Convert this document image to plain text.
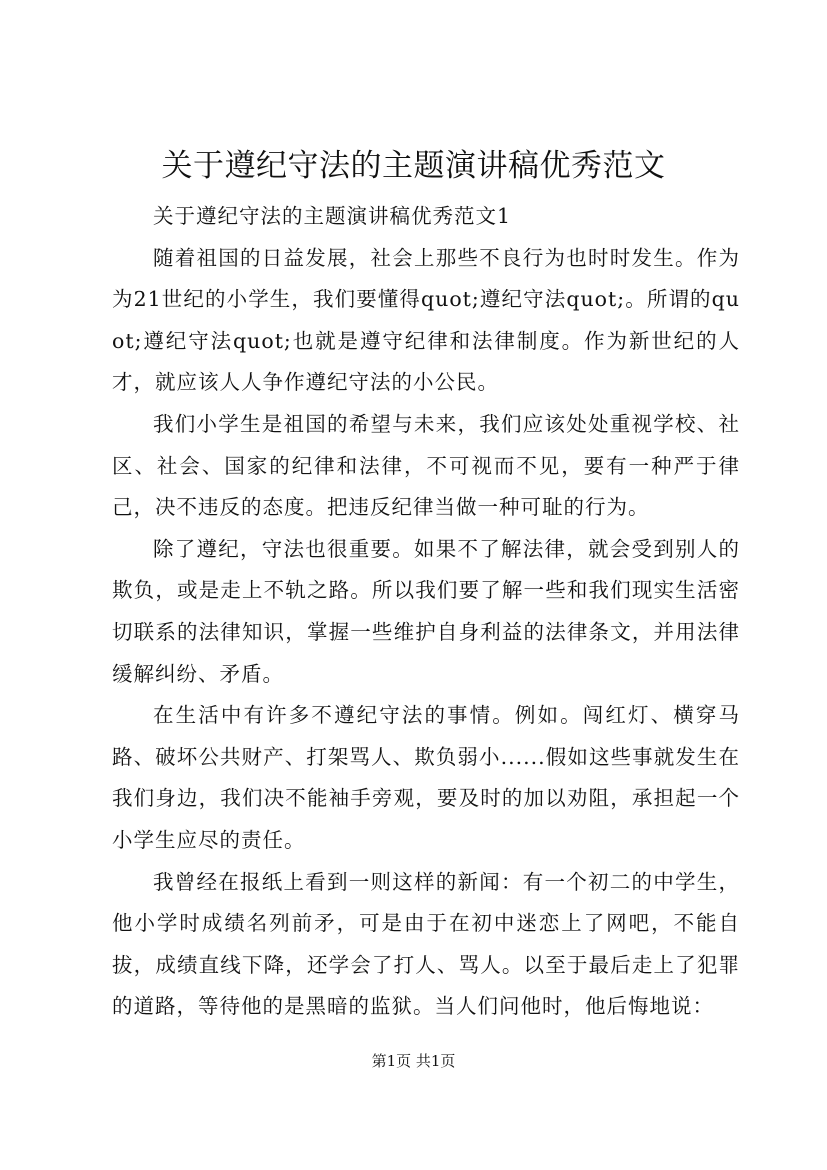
关于遵纪守法的主题演讲稿优秀范文

关于遵纪守法的主题演讲稿优秀范文1

随着祖国的日益发展，社会上那些不良行为也时时发生。作为为21世纪的小学生，我们要懂得quot;遵纪守法quot;。所谓的quot;遵纪守法quot;也就是遵守纪律和法律制度。作为新世纪的人才，就应该人人争作遵纪守法的小公民。

我们小学生是祖国的希望与未来，我们应该处处重视学校、社区、社会、国家的纪律和法律，不可视而不见，要有一种严于律己，决不违反的态度。把违反纪律当做一种可耻的行为。

除了遵纪，守法也很重要。如果不了解法律，就会受到别人的欺负，或是走上不轨之路。所以我们要了解一些和我们现实生活密切联系的法律知识，掌握一些维护自身利益的法律条文，并用法律缓解纠纷、矛盾。

在生活中有许多不遵纪守法的事情。例如。闯红灯、横穿马路、破坏公共财产、打架骂人、欺负弱小......假如这些事就发生在我们身边，我们决不能袖手旁观，要及时的加以劝阻，承担起一个小学生应尽的责任。

我曾经在报纸上看到一则这样的新闻：有一个初二的中学生，他小学时成绩名列前矛，可是由于在初中迷恋上了网吧，不能自拔，成绩直线下降，还学会了打人、骂人。以至于最后走上了犯罪的道路，等待他的是黑暗的监狱。当人们问他时，他后悔地说：

第1页 共1页
